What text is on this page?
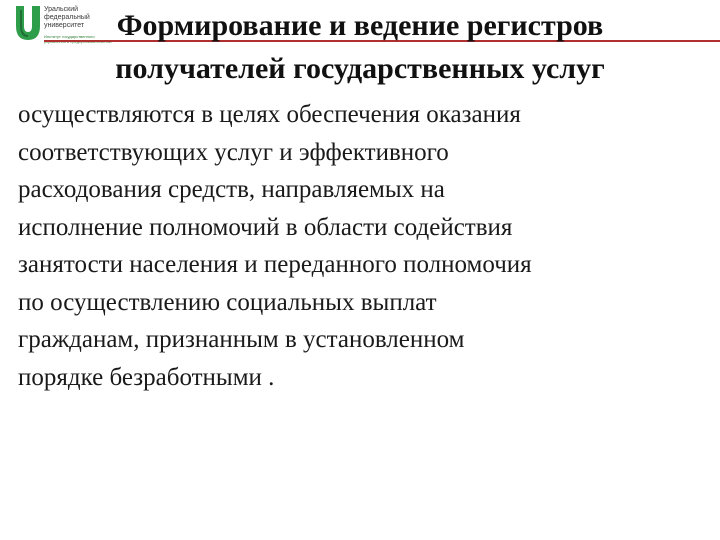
Уральский
федеральный
университет
Институт государственного Формирование и ведение регистров
получателей государственных услуг

осуществляются в целях обеспечения оказания
соответствующих услуг и эффективного
расходования средств, направляемых на
исполнение полномочий в области содействия
занятости населения и переданного полномочия
по осуществлению социальных выплат
гражданам, признанным в установленном
порядке безработными .
